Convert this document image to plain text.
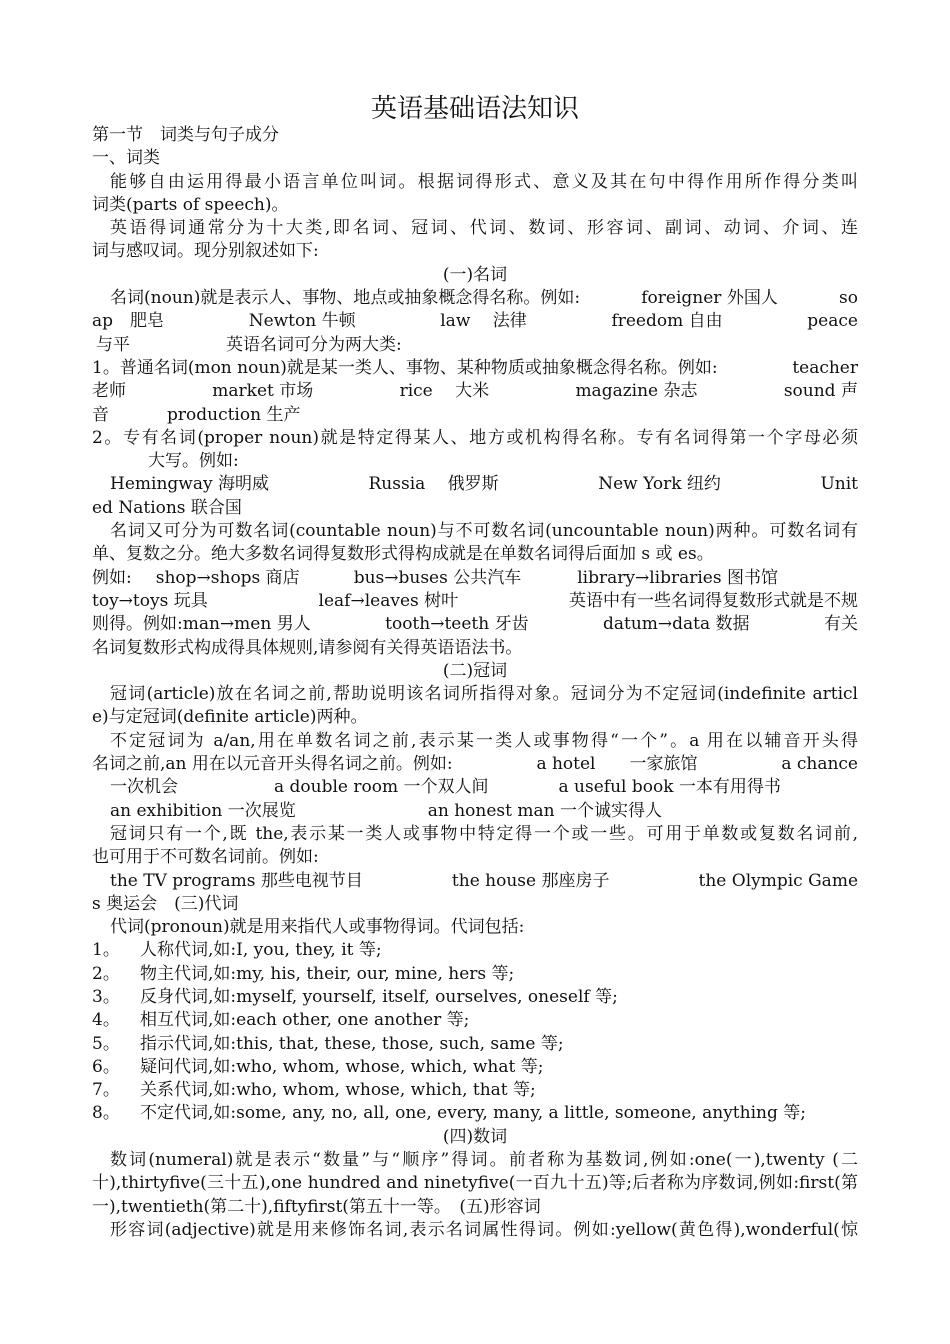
英语基础语法知识
第一节　词类与句子成分
一、词类
能够自由运用得最小语言单位叫词。根据词得形式、意义及其在句中得作用所作得分类叫
词类(parts of speech)。
英语得词通常分为十大类,即名词、冠词、代词、数词、形容词、副词、动词、介词、连
词与感叹词。现分别叙述如下:
(一)名词
名词(noun)就是表示人、事物、地点或抽象概念得名称。例如:	foreigner 外国人	so
ap　肥皂	Newton 牛顿	law　 法律	freedom 自由	peace
与平	英语名词可分为两大类:
1。普通名词(mon noun)就是某一类人、事物、某种物质或抽象概念得名称。例如:	teacher
老师	market 市场	rice　 大米	magazine 杂志	sound 声
音	production 生产
2。专有名词(proper noun)就是特定得某人、地方或机构得名称。专有名词得第一个字母必须
大写。例如:
Hemingway 海明威	Russia　 俄罗斯	New York 纽约	Unit
ed Nations 联合国
名词又可分为可数名词(countable noun)与不可数名词(uncountable noun)两种。可数名词有
单、复数之分。绝大多数名词得复数形式得构成就是在单数名词得后面加 s 或 es。
例如: shop→shops 商店	bus→buses 公共汽车	library→libraries 图书馆
toy→toys 玩具	leaf→leaves 树叶	英语中有一些名词得复数形式就是不规
则得。例如:man→men 男人	tooth→teeth 牙齿	datum→data 数据	有关
名词复数形式构成得具体规则,请参阅有关得英语语法书。
(二)冠词
冠词(article)放在名词之前,帮助说明该名词所指得对象。冠词分为不定冠词(indefinite articl
e)与定冠词(definite article)两种。
不定冠词为 a/an,用在单数名词之前,表示某一类人或事物得“一个”。a 用在以辅音开头得
名词之前,an 用在以元音开头得名词之前。例如:	a hotel　　一家旅馆	a chance
一次机会	a double room 一个双人间	a useful book 一本有用得书
an exhibition 一次展览	an honest man 一个诚实得人
冠词只有一个,既 the,表示某一类人或事物中特定得一个或一些。可用于单数或复数名词前,
也可用于不可数名词前。例如:
the TV programs 那些电视节目	the house 那座房子	the Olympic Game
s 奥运会　(三)代词
代词(pronoun)就是用来指代人或事物得词。代词包括:
1。	人称代词,如:I, you, they, it 等;
2。	物主代词,如:my, his, their, our, mine, hers 等;
3。	反身代词,如:myself, yourself, itself, ourselves, oneself 等;
4。	相互代词,如:each other, one another 等;
5。	指示代词,如:this, that, these, those, such, same 等;
6。	疑问代词,如:who, whom, whose, which, what 等;
7。	关系代词,如:who, whom, whose, which, that 等;
8。	不定代词,如:some, any, no, all, one, every, many, a little, someone, anything 等;
(四)数词
数词(numeral)就是表示“数量”与“顺序”得词。前者称为基数词,例如:one(一),twenty (二
十),thirtyfive(三十五),one hundred and ninetyfive(一百九十五)等;后者称为序数词,例如:first(第
一),twentieth(第二十),fiftyfirst(第五十一等。　(五)形容词
形容词(adjective)就是用来修饰名词,表示名词属性得词。例如:yellow(黄色得),wonderful(惊
